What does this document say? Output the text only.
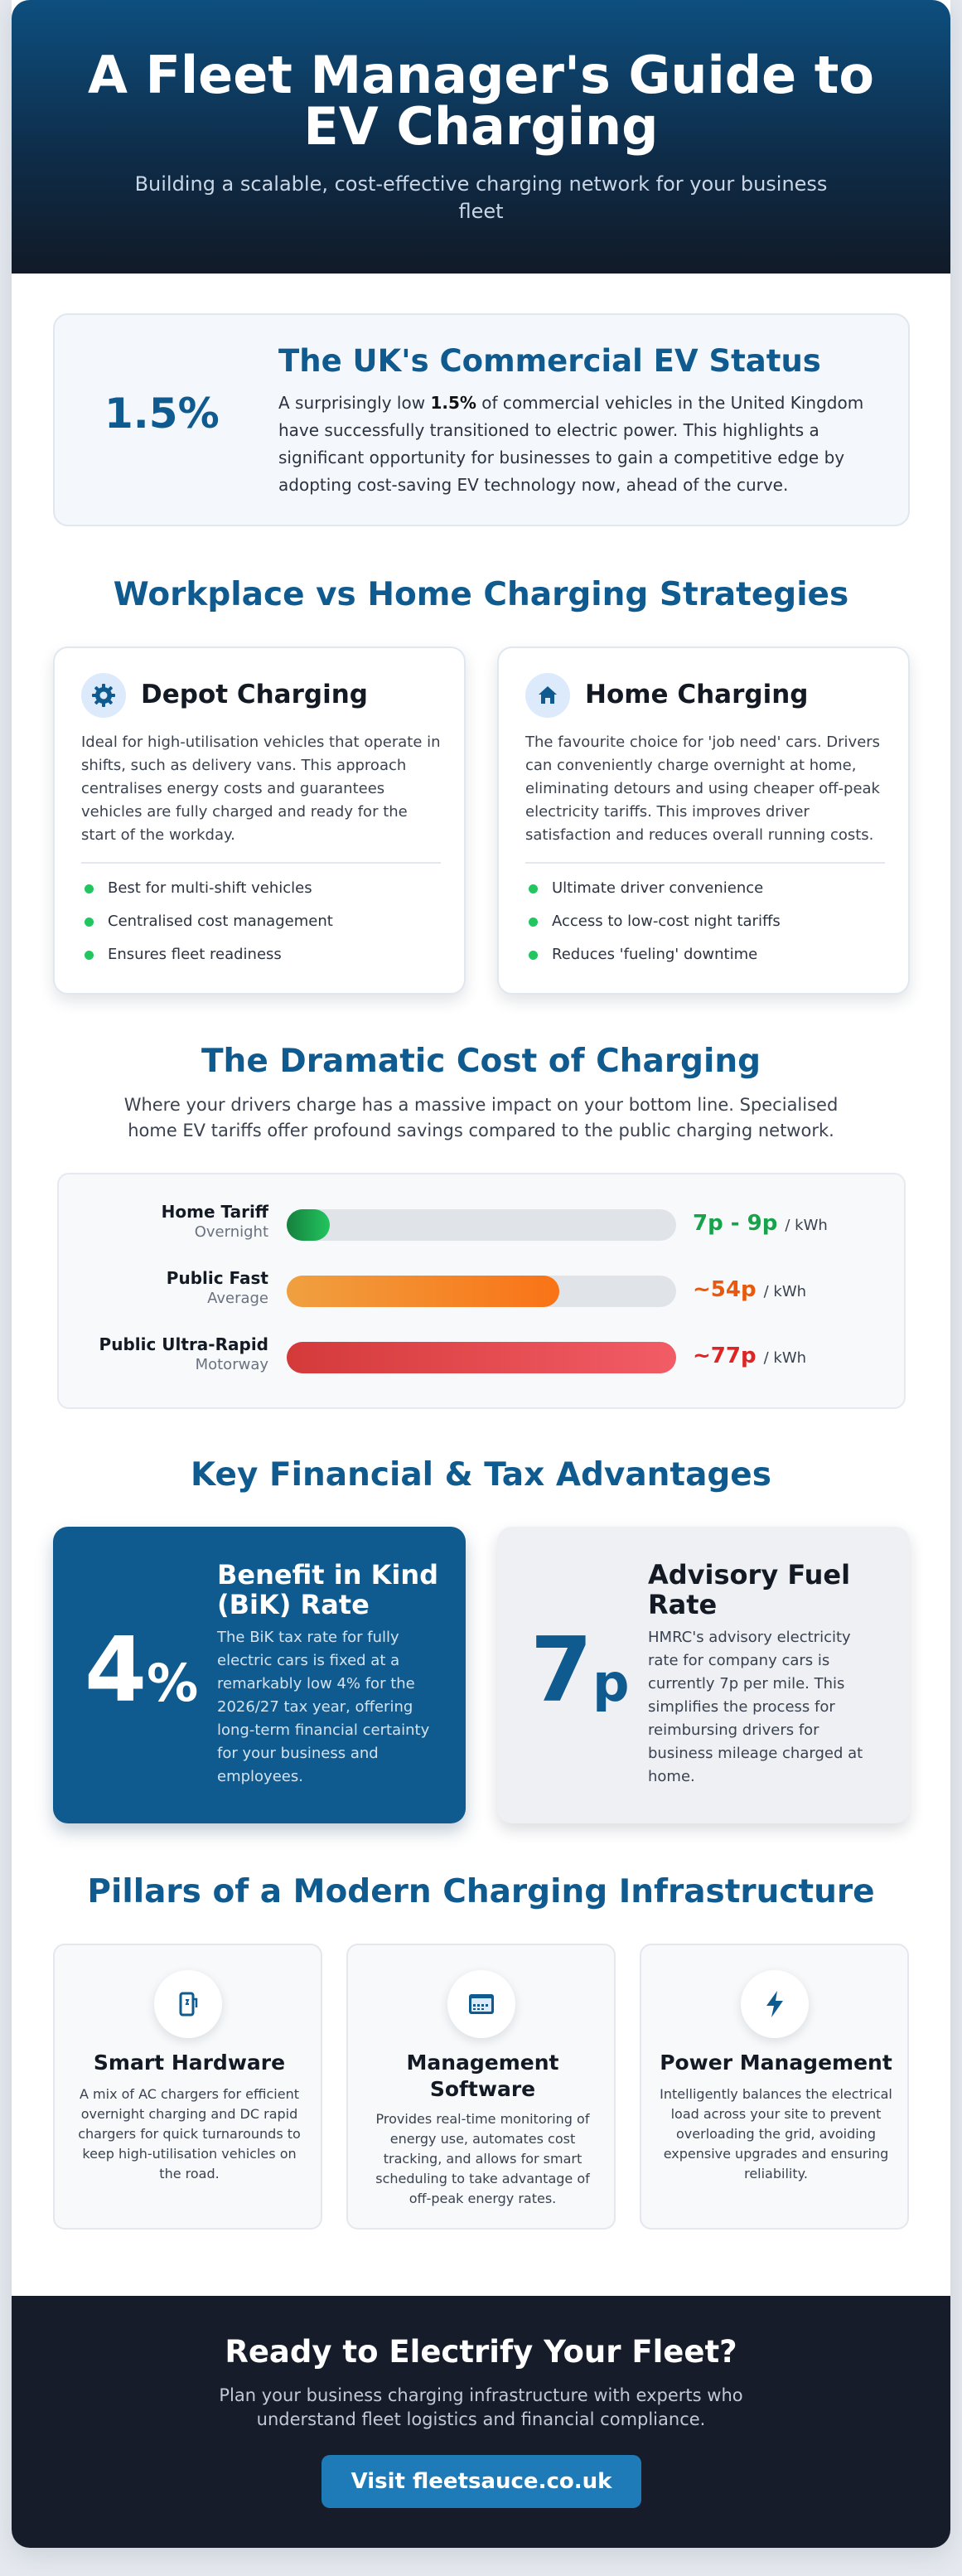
A Fleet Manager's Guide to EV Charging

Building a scalable, cost-effective charging network for your business fleet

1.5%
The UK's Commercial EV Status

A surprisingly low 1.5% of commercial vehicles in the United Kingdom have successfully transitioned to electric power. This highlights a significant opportunity for businesses to gain a competitive edge by adopting cost-saving EV technology now, ahead of the curve.

Workplace vs Home Charging Strategies
Depot Charging

Ideal for high-utilisation vehicles that operate in shifts, such as delivery vans. This approach centralises energy costs and guarantees vehicles are fully charged and ready for the start of the workday.

Best for multi-shift vehicles
Centralised cost management
Ensures fleet readiness
Home Charging

The favourite choice for 'job need' cars. Drivers can conveniently charge overnight at home, eliminating detours and using cheaper off-peak electricity tariffs. This improves driver satisfaction and reduces overall running costs.

Ultimate driver convenience
Access to low-cost night tariffs
Reduces 'fueling' downtime
The Dramatic Cost of Charging

Where your drivers charge has a massive impact on your bottom line. Specialised home EV tariffs offer profound savings compared to the public charging network.

Home Tariff
Overnight	7p - 9p / kWh
Public Fast
Average	~54p / kWh
Public Ultra-Rapid
Motorway	~77p / kWh
Key Financial & Tax Advantages
4%
Benefit in Kind (BiK) Rate

The BiK tax rate for fully electric cars is fixed at a remarkably low 4% for the 2026/27 tax year, offering long-term financial certainty for your business and employees.

7p
Advisory Fuel Rate

HMRC's advisory electricity rate for company cars is currently 7p per mile. This simplifies the process for reimbursing drivers for business mileage charged at home.

Pillars of a Modern Charging Infrastructure
Smart Hardware

A mix of AC chargers for efficient overnight charging and DC rapid chargers for quick turnarounds to keep high-utilisation vehicles on the road.

Management Software

Provides real-time monitoring of energy use, automates cost tracking, and allows for smart scheduling to take advantage of off-peak energy rates.

Power Management

Intelligently balances the electrical load across your site to prevent overloading the grid, avoiding expensive upgrades and ensuring reliability.

Ready to Electrify Your Fleet?

Plan your business charging infrastructure with experts who understand fleet logistics and financial compliance.

Visit fleetsauce.co.uk
